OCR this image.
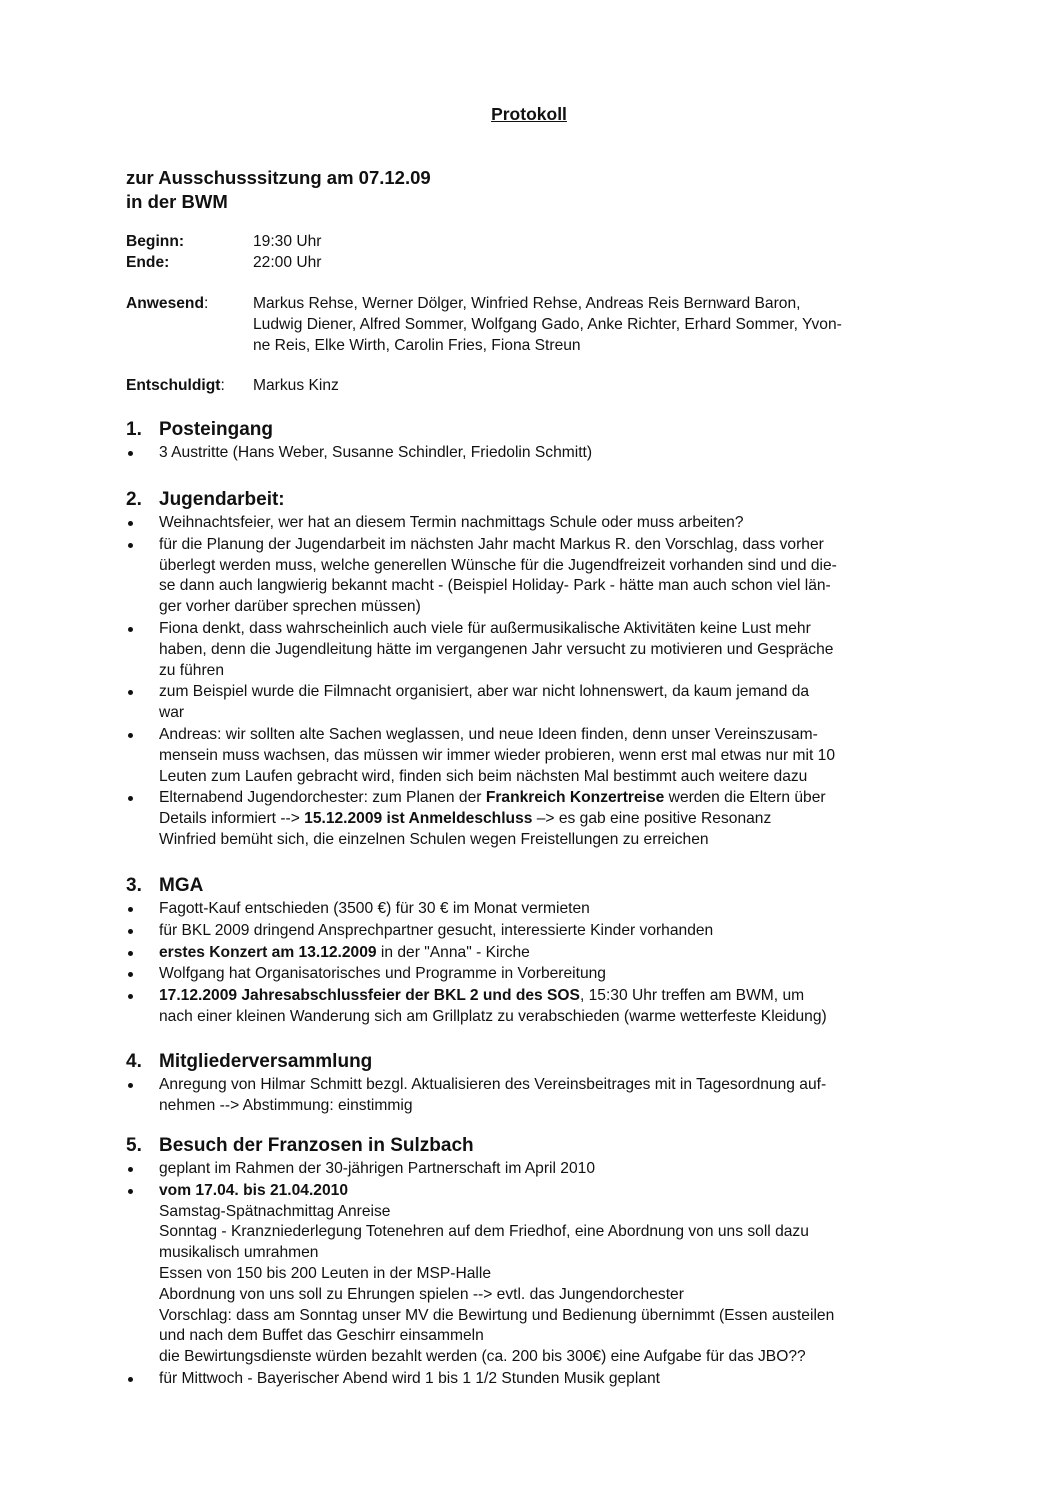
Protokoll
zur Ausschusssitzung am 07.12.09
in der BWM
Beginn:	19:30 Uhr
Ende:	22:00 Uhr
Anwesend:	Markus Rehse, Werner Dölger, Winfried Rehse, Andreas Reis Bernward Baron,
Ludwig Diener, Alfred Sommer, Wolfgang Gado, Anke Richter, Erhard Sommer, Yvon-
ne Reis, Elke Wirth, Carolin Fries, Fiona Streun
Entschuldigt: Markus Kinz
1. Posteingang
3 Austritte (Hans Weber, Susanne Schindler, Friedolin Schmitt)
2. Jugendarbeit:
Weihnachtsfeier, wer hat an diesem Termin nachmittags Schule oder muss arbeiten?
für die Planung der Jugendarbeit im nächsten Jahr macht Markus R. den Vorschlag, dass vorher
überlegt werden muss, welche generellen Wünsche für die Jugendfreizeit vorhanden sind und die-
se dann auch langwierig bekannt macht - (Beispiel Holiday- Park - hätte man auch schon viel län-
ger vorher darüber sprechen müssen)
Fiona denkt, dass wahrscheinlich auch viele für außermusikalische Aktivitäten keine Lust mehr
haben, denn die Jugendleitung hätte im vergangenen Jahr versucht zu motivieren und Gespräche
zu führen
zum Beispiel wurde die Filmnacht organisiert, aber war nicht lohnenswert, da kaum jemand da
war
Andreas: wir sollten alte Sachen weglassen, und neue Ideen finden, denn unser Vereinszusam-
mensein muss wachsen, das müssen wir immer wieder probieren, wenn erst mal etwas nur mit 10
Leuten zum Laufen gebracht wird, finden sich beim nächsten Mal bestimmt auch weitere dazu
Elternabend Jugendorchester: zum Planen der Frankreich Konzertreise werden die Eltern über
Details informiert --> 15.12.2009 ist Anmeldeschluss –> es gab eine positive Resonanz
Winfried bemüht sich, die einzelnen Schulen wegen Freistellungen zu erreichen
3. MGA
Fagott-Kauf entschieden (3500 €) für 30 € im Monat vermieten
für BKL 2009 dringend Ansprechpartner gesucht, interessierte Kinder vorhanden
erstes Konzert am 13.12.2009 in der "Anna" - Kirche
Wolfgang hat Organisatorisches und Programme in Vorbereitung
17.12.2009 Jahresabschlussfeier der BKL 2 und des SOS, 15:30 Uhr treffen am BWM, um
nach einer kleinen Wanderung sich am Grillplatz zu verabschieden (warme wetterfeste Kleidung)
4. Mitgliederversammlung
Anregung von Hilmar Schmitt bezgl. Aktualisieren des Vereinsbeitrages mit in Tagesordnung auf-
nehmen --> Abstimmung: einstimmig
5. Besuch der Franzosen in Sulzbach
geplant im Rahmen der 30-jährigen Partnerschaft im April 2010
vom 17.04. bis 21.04.2010
Samstag-Spätnachmittag Anreise
Sonntag - Kranzniederlegung Totenehren auf dem Friedhof, eine Abordnung von uns soll dazu
musikalisch umrahmen
Essen von 150 bis 200 Leuten in der MSP-Halle
Abordnung von uns soll zu Ehrungen spielen --> evtl. das Jungendorchester
Vorschlag: dass am Sonntag unser MV die Bewirtung und Bedienung übernimmt (Essen austeilen
und nach dem Buffet das Geschirr einsammeln
die Bewirtungsdienste würden bezahlt werden (ca. 200 bis 300€) eine Aufgabe für das JBO??
für Mittwoch - Bayerischer Abend wird 1 bis 1 1/2 Stunden Musik geplant
